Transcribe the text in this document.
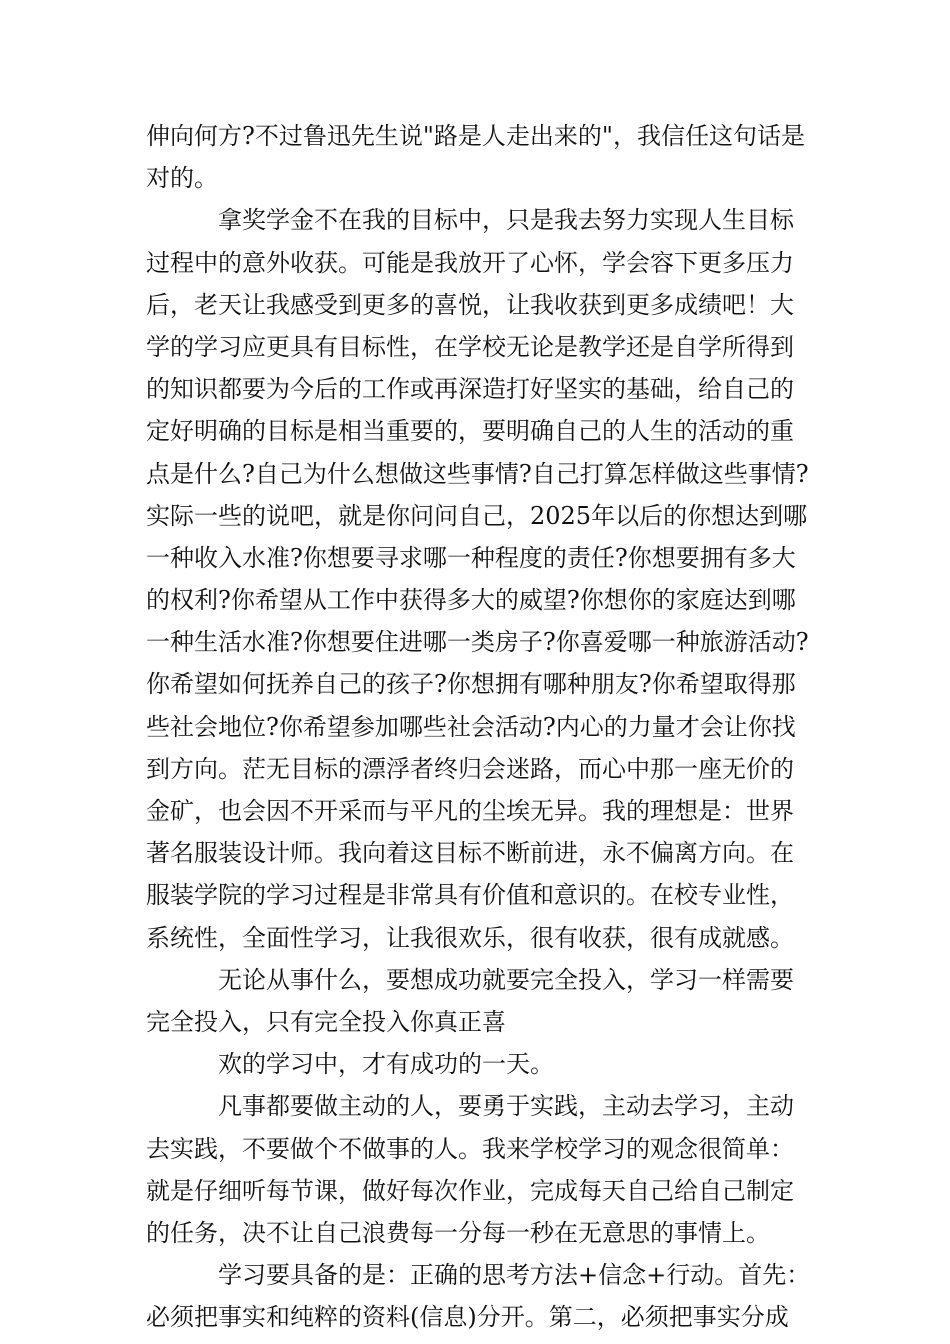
伸向何方?不过鲁迅先生说"路是人走出来的"，我信任这句话是
对的。
拿奖学金不在我的目标中，只是我去努力实现人生目标
过程中的意外收获。可能是我放开了心怀，学会容下更多压力
后，老天让我感受到更多的喜悦，让我收获到更多成绩吧！大
学的学习应更具有目标性，在学校无论是教学还是自学所得到
的知识都要为今后的工作或再深造打好坚实的基础，给自己的
定好明确的目标是相当重要的，要明确自己的人生的活动的重
点是什么?自己为什么想做这些事情?自己打算怎样做这些事情?
实际一些的说吧，就是你问问自己，2025年以后的你想达到哪
一种收入水准?你想要寻求哪一种程度的责任?你想要拥有多大
的权利?你希望从工作中获得多大的威望?你想你的家庭达到哪
一种生活水准?你想要住进哪一类房子?你喜爱哪一种旅游活动?
你希望如何抚养自己的孩子?你想拥有哪种朋友?你希望取得那
些社会地位?你希望参加哪些社会活动?内心的力量才会让你找
到方向。茫无目标的漂浮者终归会迷路，而心中那一座无价的
金矿，也会因不开采而与平凡的尘埃无异。我的理想是：世界
著名服装设计师。我向着这目标不断前进，永不偏离方向。在
服装学院的学习过程是非常具有价值和意识的。在校专业性，
系统性，全面性学习，让我很欢乐，很有收获，很有成就感。
无论从事什么，要想成功就要完全投入，学习一样需要
完全投入，只有完全投入你真正喜
欢的学习中，才有成功的一天。
凡事都要做主动的人，要勇于实践，主动去学习，主动
去实践，不要做个不做事的人。我来学校学习的观念很简单：
就是仔细听每节课，做好每次作业，完成每天自己给自己制定
的任务，决不让自己浪费每一分每一秒在无意思的事情上。
学习要具备的是：正确的思考方法+信念+行动。首先：
必须把事实和纯粹的资料(信息)分开。第二，必须把事实分成
